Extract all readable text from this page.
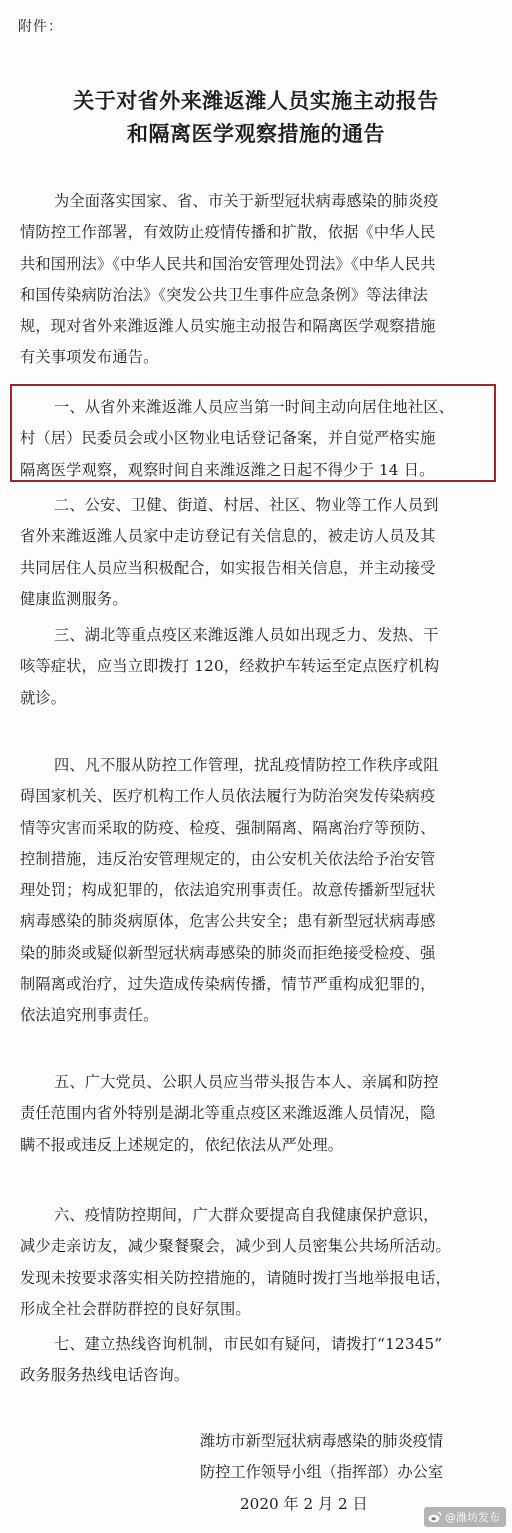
附件：
关于对省外来潍返潍人员实施主动报告
和隔离医学观察措施的通告
为全面落实国家、省、市关于新型冠状病毒感染的肺炎疫
情防控工作部署，有效防止疫情传播和扩散，依据《中华人民
共和国刑法》《中华人民共和国治安管理处罚法》《中华人民共
和国传染病防治法》《突发公共卫生事件应急条例》等法律法
规，现对省外来潍返潍人员实施主动报告和隔离医学观察措施
有关事项发布通告。
一、从省外来潍返潍人员应当第一时间主动向居住地社区、
村（居）民委员会或小区物业电话登记备案，并自觉严格实施
隔离医学观察，观察时间自来潍返潍之日起不得少于 14 日。
二、公安、卫健、街道、村居、社区、物业等工作人员到
省外来潍返潍人员家中走访登记有关信息的，被走访人员及其
共同居住人员应当积极配合，如实报告相关信息，并主动接受
健康监测服务。
三、湖北等重点疫区来潍返潍人员如出现乏力、发热、干
咳等症状，应当立即拨打 120，经救护车转运至定点医疗机构
就诊。
四、凡不服从防控工作管理，扰乱疫情防控工作秩序或阻
碍国家机关、医疗机构工作人员依法履行为防治突发传染病疫
情等灾害而采取的防疫、检疫、强制隔离、隔离治疗等预防、
控制措施，违反治安管理规定的，由公安机关依法给予治安管
理处罚；构成犯罪的，依法追究刑事责任。故意传播新型冠状
病毒感染的肺炎病原体，危害公共安全；患有新型冠状病毒感
染的肺炎或疑似新型冠状病毒感染的肺炎而拒绝接受检疫、强
制隔离或治疗，过失造成传染病传播，情节严重构成犯罪的，
依法追究刑事责任。
五、广大党员、公职人员应当带头报告本人、亲属和防控
责任范围内省外特别是湖北等重点疫区来潍返潍人员情况，隐
瞒不报或违反上述规定的，依纪依法从严处理。
六、疫情防控期间，广大群众要提高自我健康保护意识，
减少走亲访友，减少聚餐聚会，减少到人员密集公共场所活动。
发现未按要求落实相关防控措施的，请随时拨打当地举报电话，
形成全社会群防群控的良好氛围。
七、建立热线咨询机制，市民如有疑问，请拨打“12345”
政务服务热线电话咨询。
潍坊市新型冠状病毒感染的肺炎疫情
防控工作领导小组（指挥部）办公室
2020 年 2 月 2 日
@潍坊发布
